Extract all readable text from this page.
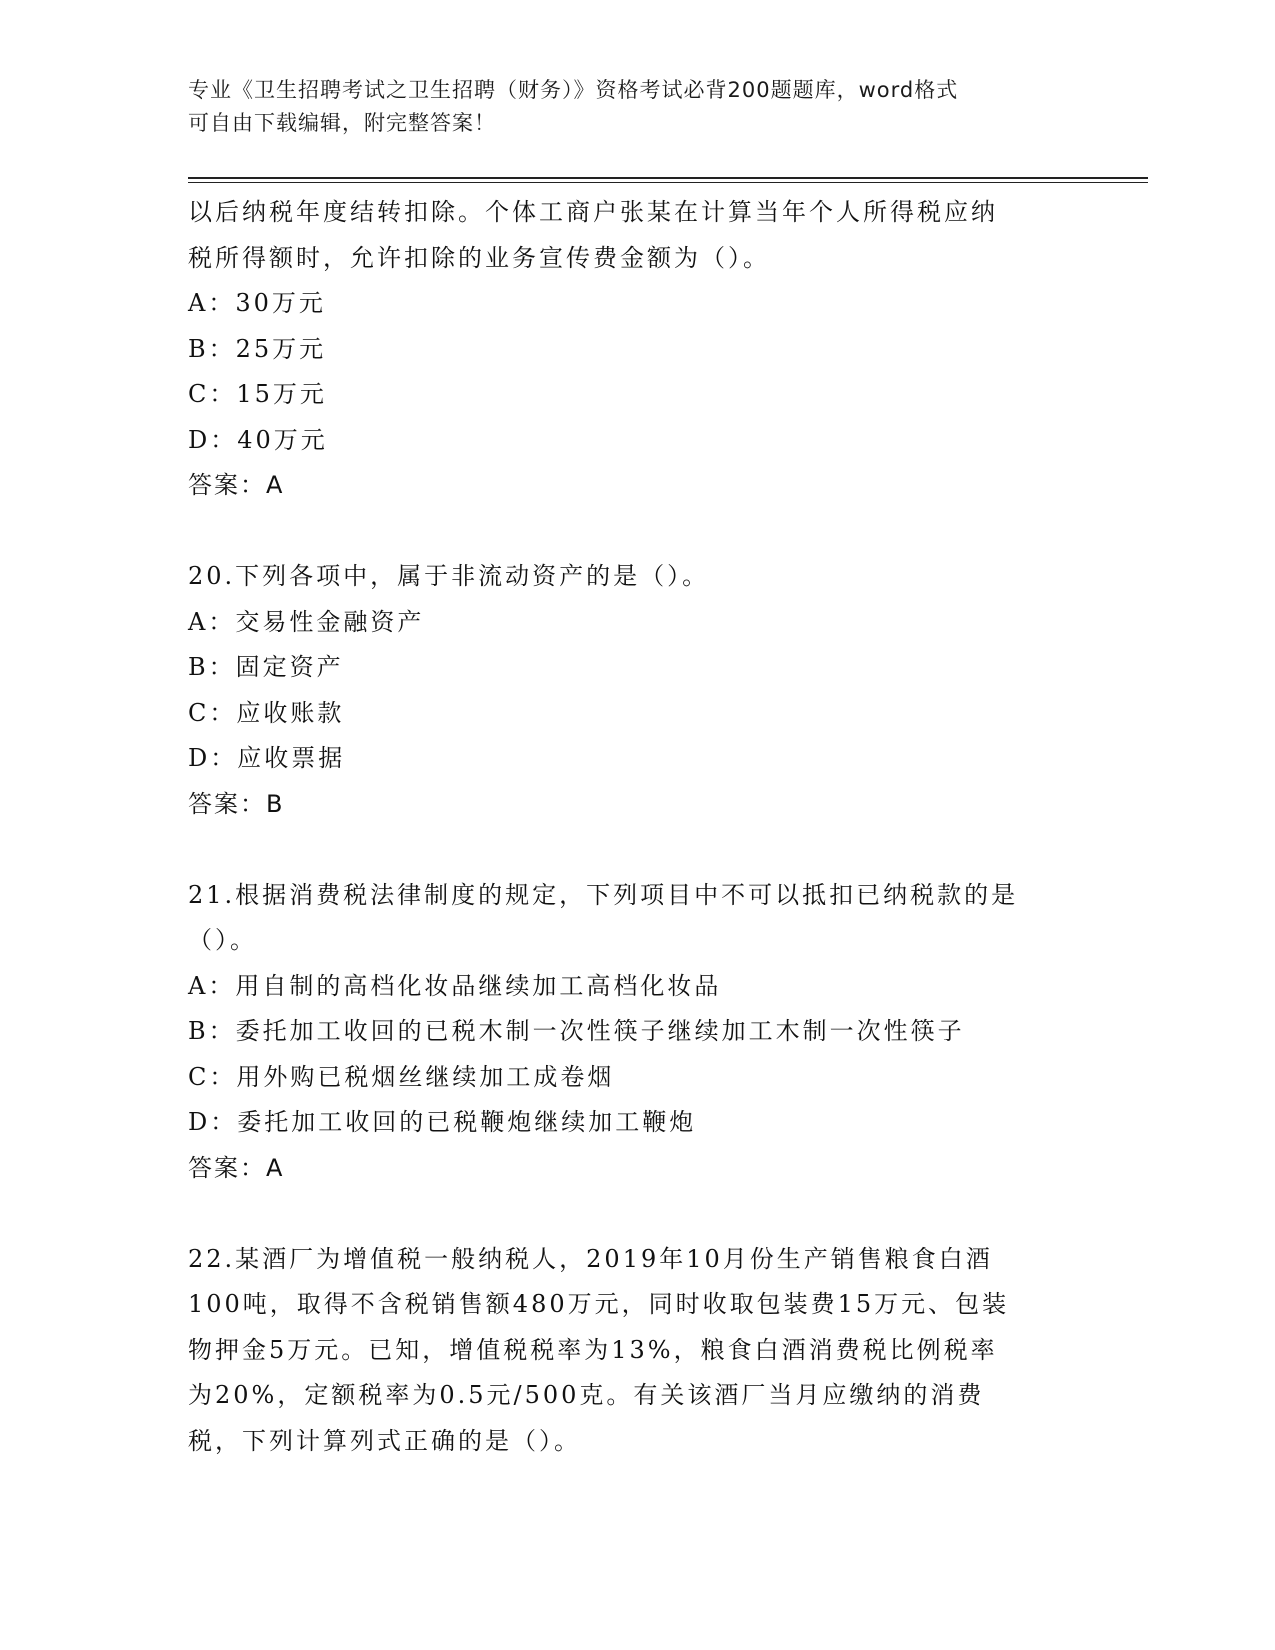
专业《卫生招聘考试之卫生招聘（财务）》资格考试必背200题题库，word格式
可自由下载编辑，附完整答案！
以后纳税年度结转扣除。个体工商户张某在计算当年个人所得税应纳
税所得额时，允许扣除的业务宣传费金额为（）。
A：30万元
B：25万元
C：15万元
D：40万元
答案：A
20.下列各项中，属于非流动资产的是（）。
A：交易性金融资产
B：固定资产
C：应收账款
D：应收票据
答案：B
21.根据消费税法律制度的规定，下列项目中不可以抵扣已纳税款的是
（）。
A：用自制的高档化妆品继续加工高档化妆品
B：委托加工收回的已税木制一次性筷子继续加工木制一次性筷子
C：用外购已税烟丝继续加工成卷烟
D：委托加工收回的已税鞭炮继续加工鞭炮
答案：A
22.某酒厂为增值税一般纳税人，2019年10月份生产销售粮食白酒
100吨，取得不含税销售额480万元，同时收取包装费15万元、包装
物押金5万元。已知，增值税税率为13%，粮食白酒消费税比例税率
为20%，定额税率为0.5元/500克。有关该酒厂当月应缴纳的消费
税，下列计算列式正确的是（）。
